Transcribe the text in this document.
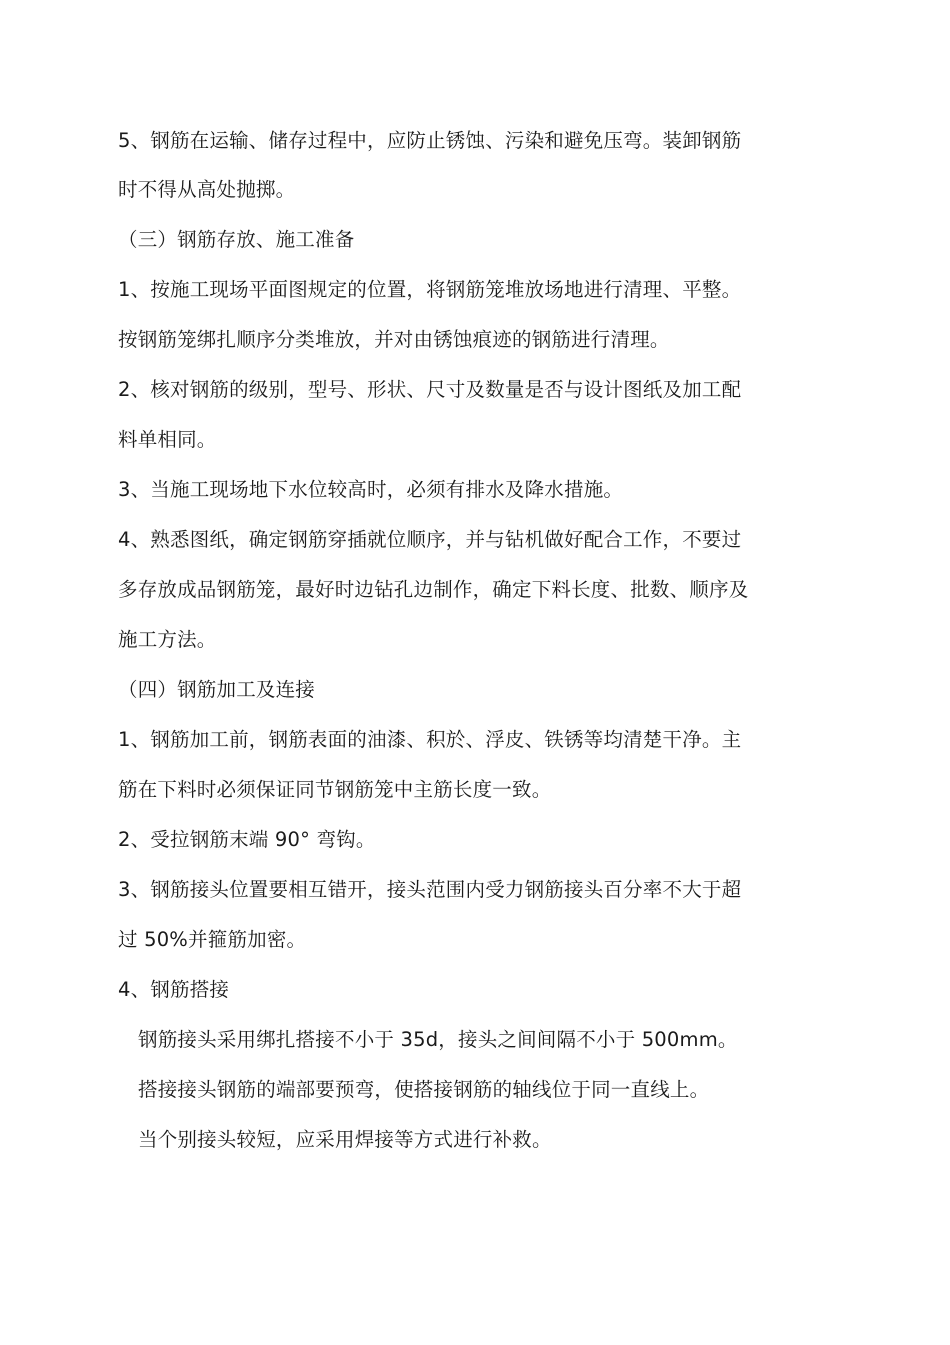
5、钢筋在运输、储存过程中，应防止锈蚀、污染和避免压弯。装卸钢筋
时不得从高处抛掷。
（三）钢筋存放、施工准备
1、按施工现场平面图规定的位置，将钢筋笼堆放场地进行清理、平整。
按钢筋笼绑扎顺序分类堆放，并对由锈蚀痕迹的钢筋进行清理。
2、核对钢筋的级别，型号、形状、尺寸及数量是否与设计图纸及加工配
料单相同。
3、当施工现场地下水位较高时，必须有排水及降水措施。
4、熟悉图纸，确定钢筋穿插就位顺序，并与钻机做好配合工作，不要过
多存放成品钢筋笼，最好时边钻孔边制作，确定下料长度、批数、顺序及
施工方法。
（四）钢筋加工及连接
1、钢筋加工前，钢筋表面的油漆、积於、浮皮、铁锈等均清楚干净。主
筋在下料时必须保证同节钢筋笼中主筋长度一致。
2、受拉钢筋末端 90° 弯钩。
3、钢筋接头位置要相互错开，接头范围内受力钢筋接头百分率不大于超
过 50%并箍筋加密。
4、钢筋搭接
钢筋接头采用绑扎搭接不小于 35d，接头之间间隔不小于 500mm。
搭接接头钢筋的端部要预弯，使搭接钢筋的轴线位于同一直线上。
当个别接头较短，应采用焊接等方式进行补救。
